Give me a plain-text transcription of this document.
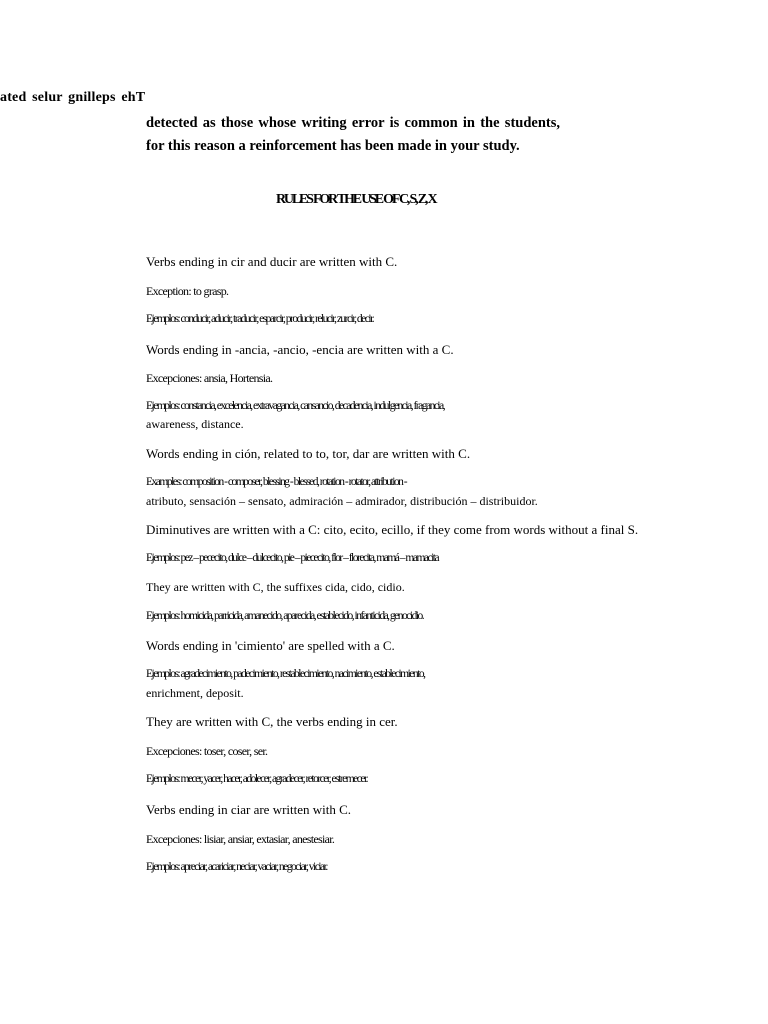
ated selur gnilleps ehT
detected as those whose writing error is common in the students, for this reason a reinforcement has been made in your study.
RULES FOR THE USE OF C, S, Z, X
Verbs ending in cir and ducir are written with C.
Exception: to grasp.
Ejemplos: conducir, aducir, traducir, esparcir, producir, relucir, zurcir, decir.
Words ending in -ancia, -ancio, -encia are written with a C.
Excepciones: ansia, Hortensia.
Ejemplos: constancia, excelencia, extravagancia, cansancio, decadencia, indulgencia, fragancia,
awareness, distance.
Words ending in ción, related to to, tor, dar are written with C.
Examples: composition - composer, blessing - blessed, rotation - rotator, attribution -
atributo, sensación – sensato, admiración – admirador, distribución – distribuidor.
Diminutives are written with a C: cito, ecito, ecillo, if they come from words without a final S.
Ejemplos: pez – pececito, dulce – dulcecito, pie – piececito, flor – florecita, mamá – mamacita
They are written with C, the suffixes cida, cido, cidio.
Ejemplos: homicida, parricida, amanecido, aparecida, establecido, infanticida, genocidio.
Words ending in 'cimiento' are spelled with a C.
Ejemplos: agradecimiento, padecimiento, restablecimiento, nacimiento, establecimiento,
enrichment, deposit.
They are written with C, the verbs ending in cer.
Excepciones: toser, coser, ser.
Ejemplos: mecer, yacer, hacer, adolecer, agradecer, retorcer, estremecer.
Verbs ending in ciar are written with C.
Excepciones: lisiar, ansiar, extasiar, anestesiar.
Ejemplos: apreciar, acariciar, neciar, vaciar, negociar, viciar.
